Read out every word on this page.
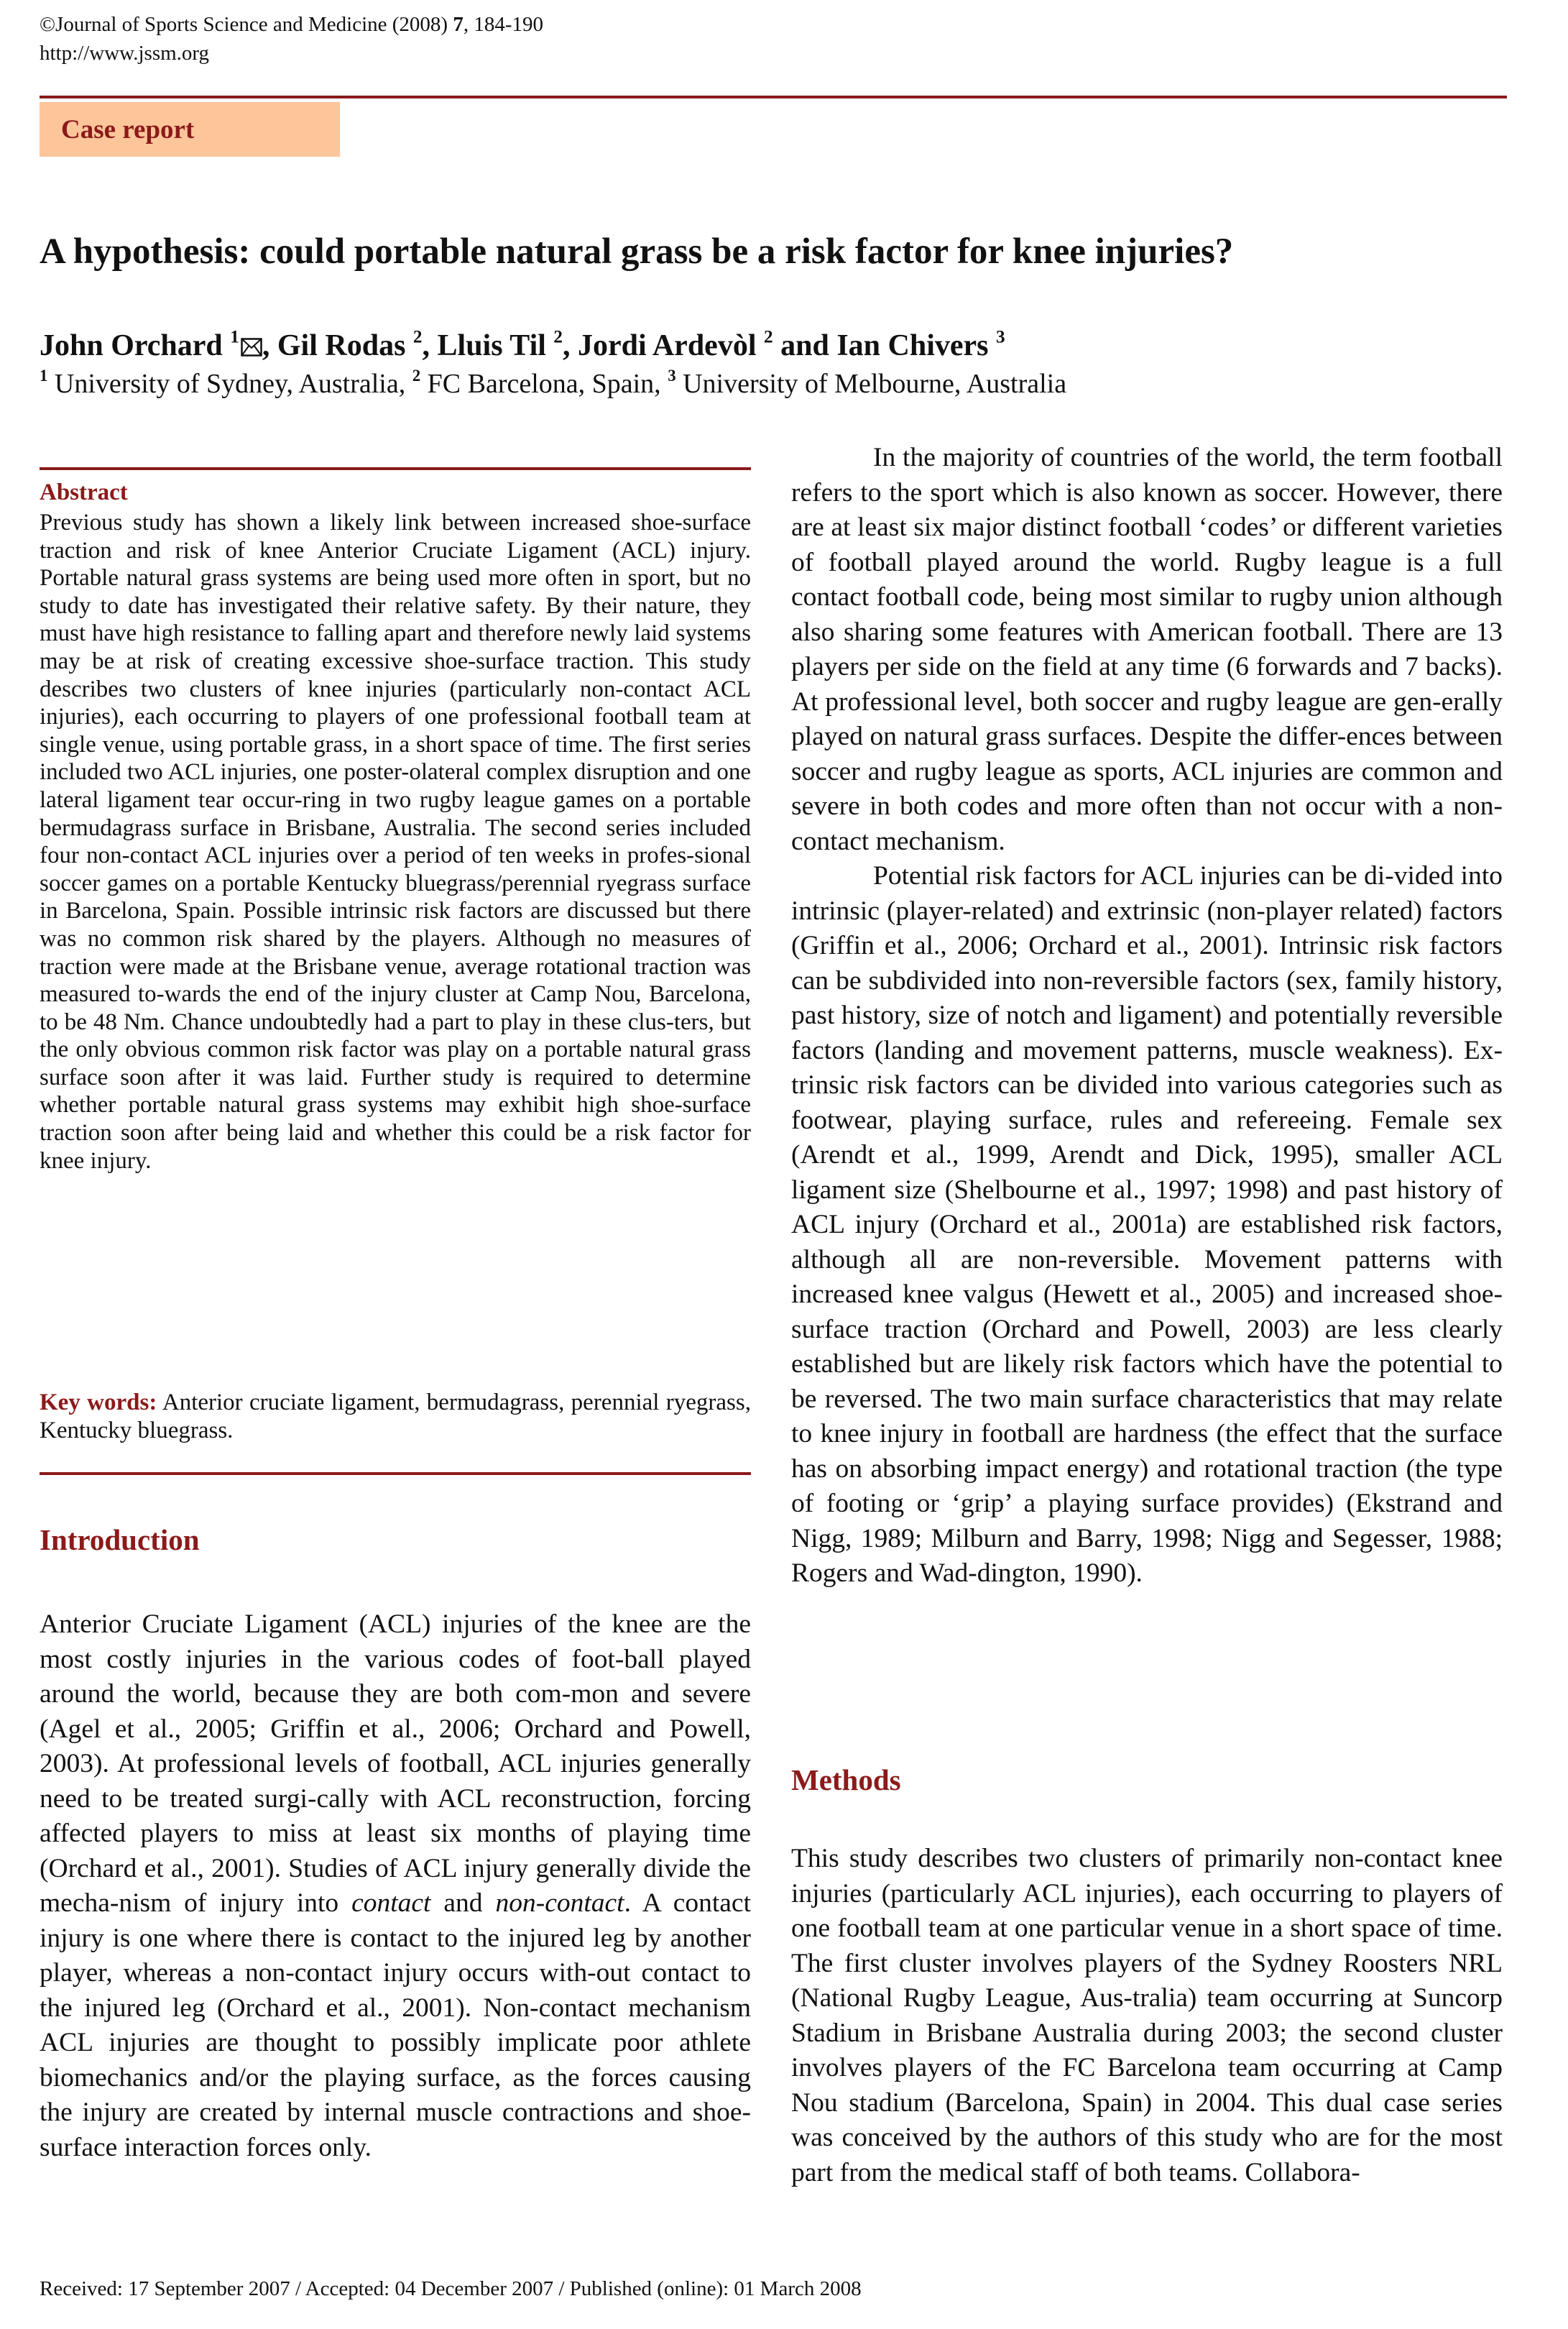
©Journal of Sports Science and Medicine (2008) 7, 184-190
http://www.jssm.org
Case report
A hypothesis: could portable natural grass be a risk factor for knee injuries?
John Orchard $^1$ , Gil Rodas $^2$, Lluis Til $^2$, Jordi Ardevòl $^2$ and Ian Chivers $^3$
$^1$ University of Sydney, Australia, $^2$ FC Barcelona, Spain, $^3$ University of Melbourne, Australia
Abstract

Previous study has shown a likely link between increased shoe-surface traction and risk of knee Anterior Cruciate Ligament (ACL) injury. Portable natural grass systems are being used more often in sport, but no study to date has investigated their relative safety. By their nature, they must have high resistance to falling apart and therefore newly laid systems may be at risk of creating excessive shoe-surface traction. This study describes two clusters of knee injuries (particularly non-contact ACL injuries), each occurring to players of one professional football team at single venue, using portable grass, in a short space of time. The first series included two ACL injuries, one poster-olateral complex disruption and one lateral ligament tear occur-ring in two rugby league games on a portable bermudagrass surface in Brisbane, Australia. The second series included four non-contact ACL injuries over a period of ten weeks in profes-sional soccer games on a portable Kentucky bluegrass/perennial ryegrass surface in Barcelona, Spain. Possible intrinsic risk factors are discussed but there was no common risk shared by the players. Although no measures of traction were made at the Brisbane venue, average rotational traction was measured to-wards the end of the injury cluster at Camp Nou, Barcelona, to be 48 Nm. Chance undoubtedly had a part to play in these clus-ters, but the only obvious common risk factor was play on a portable natural grass surface soon after it was laid. Further study is required to determine whether portable natural grass systems may exhibit high shoe-surface traction soon after being laid and whether this could be a risk factor for knee injury.

Key words: Anterior cruciate ligament, bermudagrass, perennial ryegrass, Kentucky bluegrass.
Introduction

Anterior Cruciate Ligament (ACL) injuries of the knee are the most costly injuries in the various codes of foot-ball played around the world, because they are both com-mon and severe (Agel et al., 2005; Griffin et al., 2006; Orchard and Powell, 2003). At professional levels of football, ACL injuries generally need to be treated surgi-cally with ACL reconstruction, forcing affected players to miss at least six months of playing time (Orchard et al., 2001). Studies of ACL injury generally divide the mecha-nism of injury into contact and non-contact. A contact injury is one where there is contact to the injured leg by another player, whereas a non-contact injury occurs with-out contact to the injured leg (Orchard et al., 2001). Non-contact mechanism ACL injuries are thought to possibly implicate poor athlete biomechanics and/or the playing surface, as the forces causing the injury are created by internal muscle contractions and shoe-surface interaction forces only.

In the majority of countries of the world, the term football refers to the sport which is also known as soccer. However, there are at least six major distinct football ‘codes’ or different varieties of football played around the world. Rugby league is a full contact football code, being most similar to rugby union although also sharing some features with American football. There are 13 players per side on the field at any time (6 forwards and 7 backs). At professional level, both soccer and rugby league are gen-erally played on natural grass surfaces. Despite the differ-ences between soccer and rugby league as sports, ACL injuries are common and severe in both codes and more often than not occur with a non-contact mechanism.

Potential risk factors for ACL injuries can be di-vided into intrinsic (player-related) and extrinsic (non-player related) factors (Griffin et al., 2006; Orchard et al., 2001). Intrinsic risk factors can be subdivided into non-reversible factors (sex, family history, past history, size of notch and ligament) and potentially reversible factors (landing and movement patterns, muscle weakness). Ex-trinsic risk factors can be divided into various categories such as footwear, playing surface, rules and refereeing. Female sex (Arendt et al., 1999, Arendt and Dick, 1995), smaller ACL ligament size (Shelbourne et al., 1997; 1998) and past history of ACL injury (Orchard et al., 2001a) are established risk factors, although all are non-reversible. Movement patterns with increased knee valgus (Hewett et al., 2005) and increased shoe-surface traction (Orchard and Powell, 2003) are less clearly established but are likely risk factors which have the potential to be reversed. The two main surface characteristics that may relate to knee injury in football are hardness (the effect that the surface has on absorbing impact energy) and rotational traction (the type of footing or ‘grip’ a playing surface provides) (Ekstrand and Nigg, 1989; Milburn and Barry, 1998; Nigg and Segesser, 1988; Rogers and Wad-dington, 1990).

Methods

This study describes two clusters of primarily non-contact knee injuries (particularly ACL injuries), each occurring to players of one football team at one particular venue in a short space of time. The first cluster involves players of the Sydney Roosters NRL (National Rugby League, Aus-tralia) team occurring at Suncorp Stadium in Brisbane Australia during 2003; the second cluster involves players of the FC Barcelona team occurring at Camp Nou stadium (Barcelona, Spain) in 2004. This dual case series was conceived by the authors of this study who are for the most part from the medical staff of both teams. Collabora-

Received: 17 September 2007 / Accepted: 04 December 2007 / Published (online): 01 March 2008
